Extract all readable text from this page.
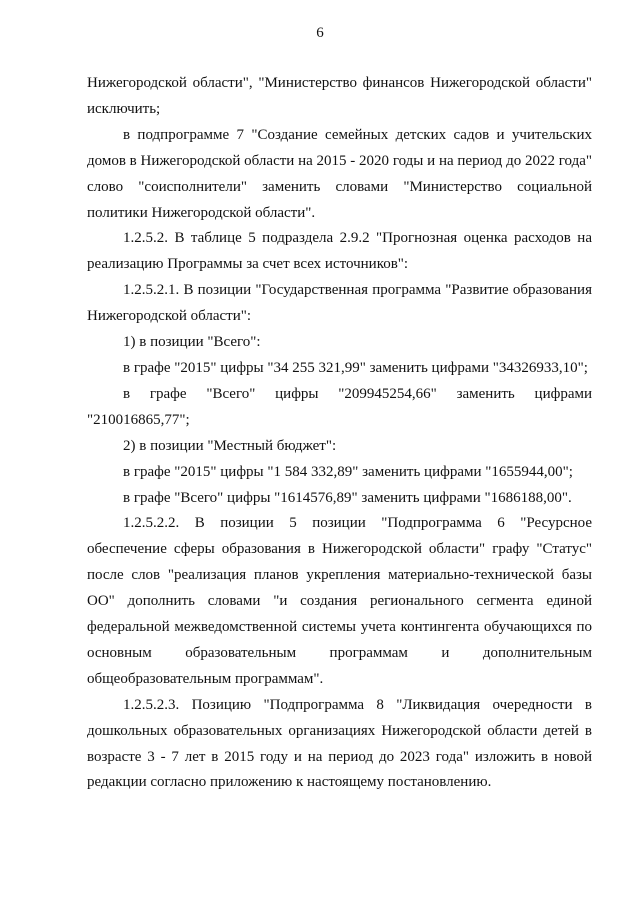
6

Нижегородской области", "Министерство финансов Нижегородской области" исключить;

в подпрограмме 7 "Создание семейных детских садов и учительских домов в Нижегородской области на 2015 - 2020 годы и на период до 2022 года" слово "соисполнители" заменить словами "Министерство социальной политики Нижегородской области".

1.2.5.2. В таблице 5 подраздела 2.9.2 "Прогнозная оценка расходов на реализацию Программы за счет всех источников":

1.2.5.2.1. В позиции "Государственная программа "Развитие образования Нижегородской области":

1) в позиции "Всего":

в графе "2015" цифры "34 255 321,99" заменить цифрами "34326933,10";

в графе "Всего" цифры "209945254,66" заменить цифрами "210016865,77";

2) в позиции "Местный бюджет":

в графе "2015" цифры "1 584 332,89" заменить цифрами "1655944,00";

в графе "Всего" цифры "1614576,89" заменить цифрами "1686188,00".

1.2.5.2.2. В позиции 5 позиции "Подпрограмма 6 "Ресурсное обеспечение сферы образования в Нижегородской области" графу "Статус" после слов "реализация планов укрепления материально-технической базы ОО" дополнить словами "и создания регионального сегмента единой федеральной межведомственной системы учета контингента обучающихся по основным образовательным программам и дополнительным общеобразовательным программам".

1.2.5.2.3. Позицию "Подпрограмма 8 "Ликвидация очередности в дошкольных образовательных организациях Нижегородской области детей в возрасте 3 - 7 лет в 2015 году и на период до 2023 года" изложить в новой редакции согласно приложению к настоящему постановлению.
